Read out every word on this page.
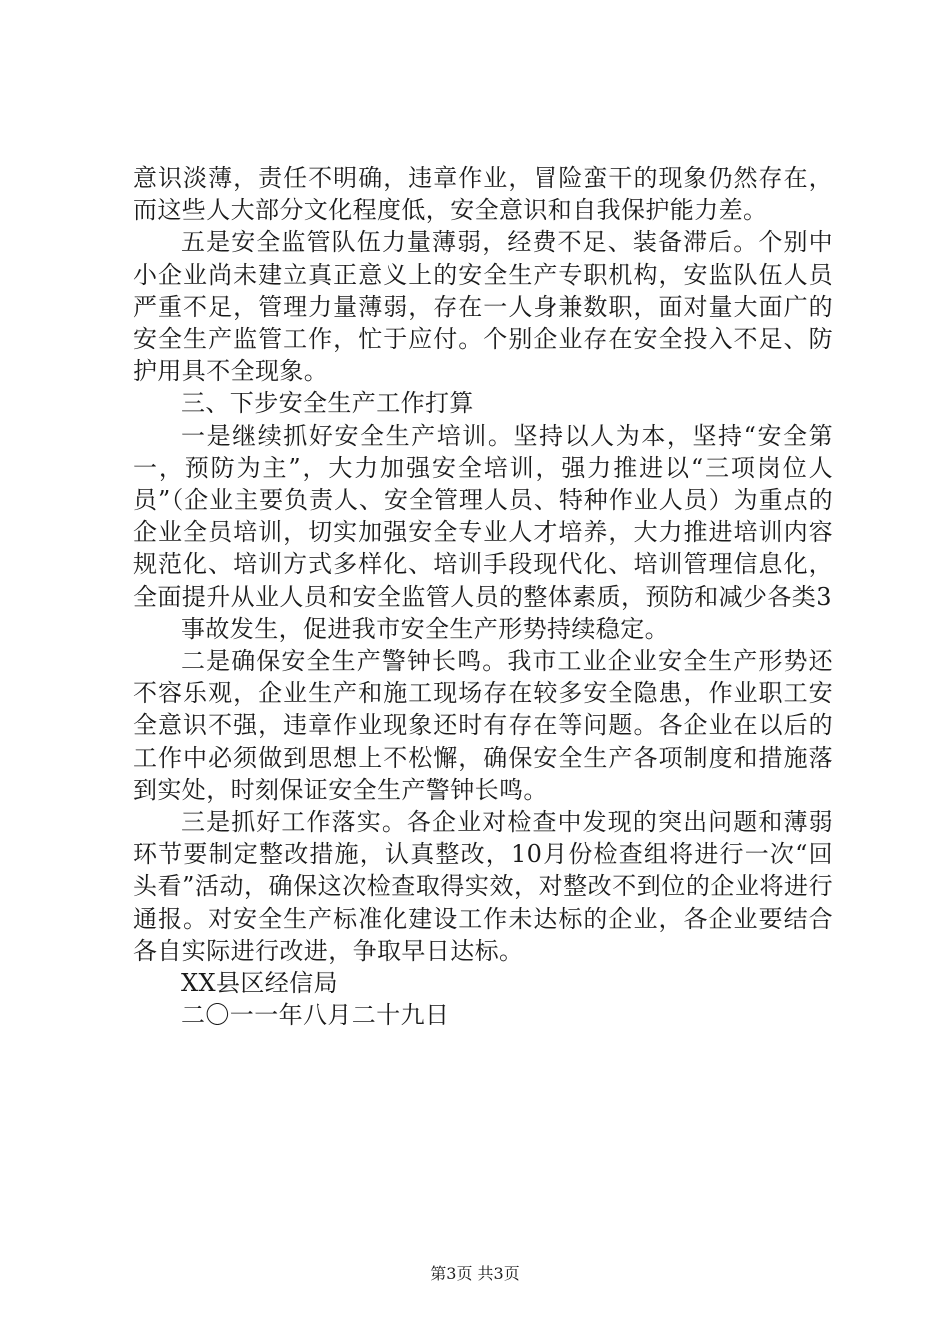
意识淡薄，责任不明确，违章作业，冒险蛮干的现象仍然存在，而这些人大部分文化程度低，安全意识和自我保护能力差。

五是安全监管队伍力量薄弱，经费不足、装备滞后。个别中小企业尚未建立真正意义上的安全生产专职机构，安监队伍人员严重不足，管理力量薄弱，存在一人身兼数职，面对量大面广的安全生产监管工作，忙于应付。个别企业存在安全投入不足、防护用具不全现象。

三、下步安全生产工作打算

一是继续抓好安全生产培训。坚持以人为本，坚持“安全第一，预防为主”，大力加强安全培训，强力推进以“三项岗位人员”（企业主要负责人、安全管理人员、特种作业人员）为重点的企业全员培训，切实加强安全专业人才培养，大力推进培训内容规范化、培训方式多样化、培训手段现代化、培训管理信息化，全面提升从业人员和安全监管人员的整体素质，预防和减少各类3

事故发生，促进我市安全生产形势持续稳定。

二是确保安全生产警钟长鸣。我市工业企业安全生产形势还不容乐观，企业生产和施工现场存在较多安全隐患，作业职工安全意识不强，违章作业现象还时有存在等问题。各企业在以后的工作中必须做到思想上不松懈，确保安全生产各项制度和措施落到实处，时刻保证安全生产警钟长鸣。

三是抓好工作落实。各企业对检查中发现的突出问题和薄弱环节要制定整改措施，认真整改，10月份检查组将进行一次“回头看”活动，确保这次检查取得实效，对整改不到位的企业将进行通报。对安全生产标准化建设工作未达标的企业，各企业要结合各自实际进行改进，争取早日达标。

XX县区经信局

二〇一一年八月二十九日

第3页 共3页
